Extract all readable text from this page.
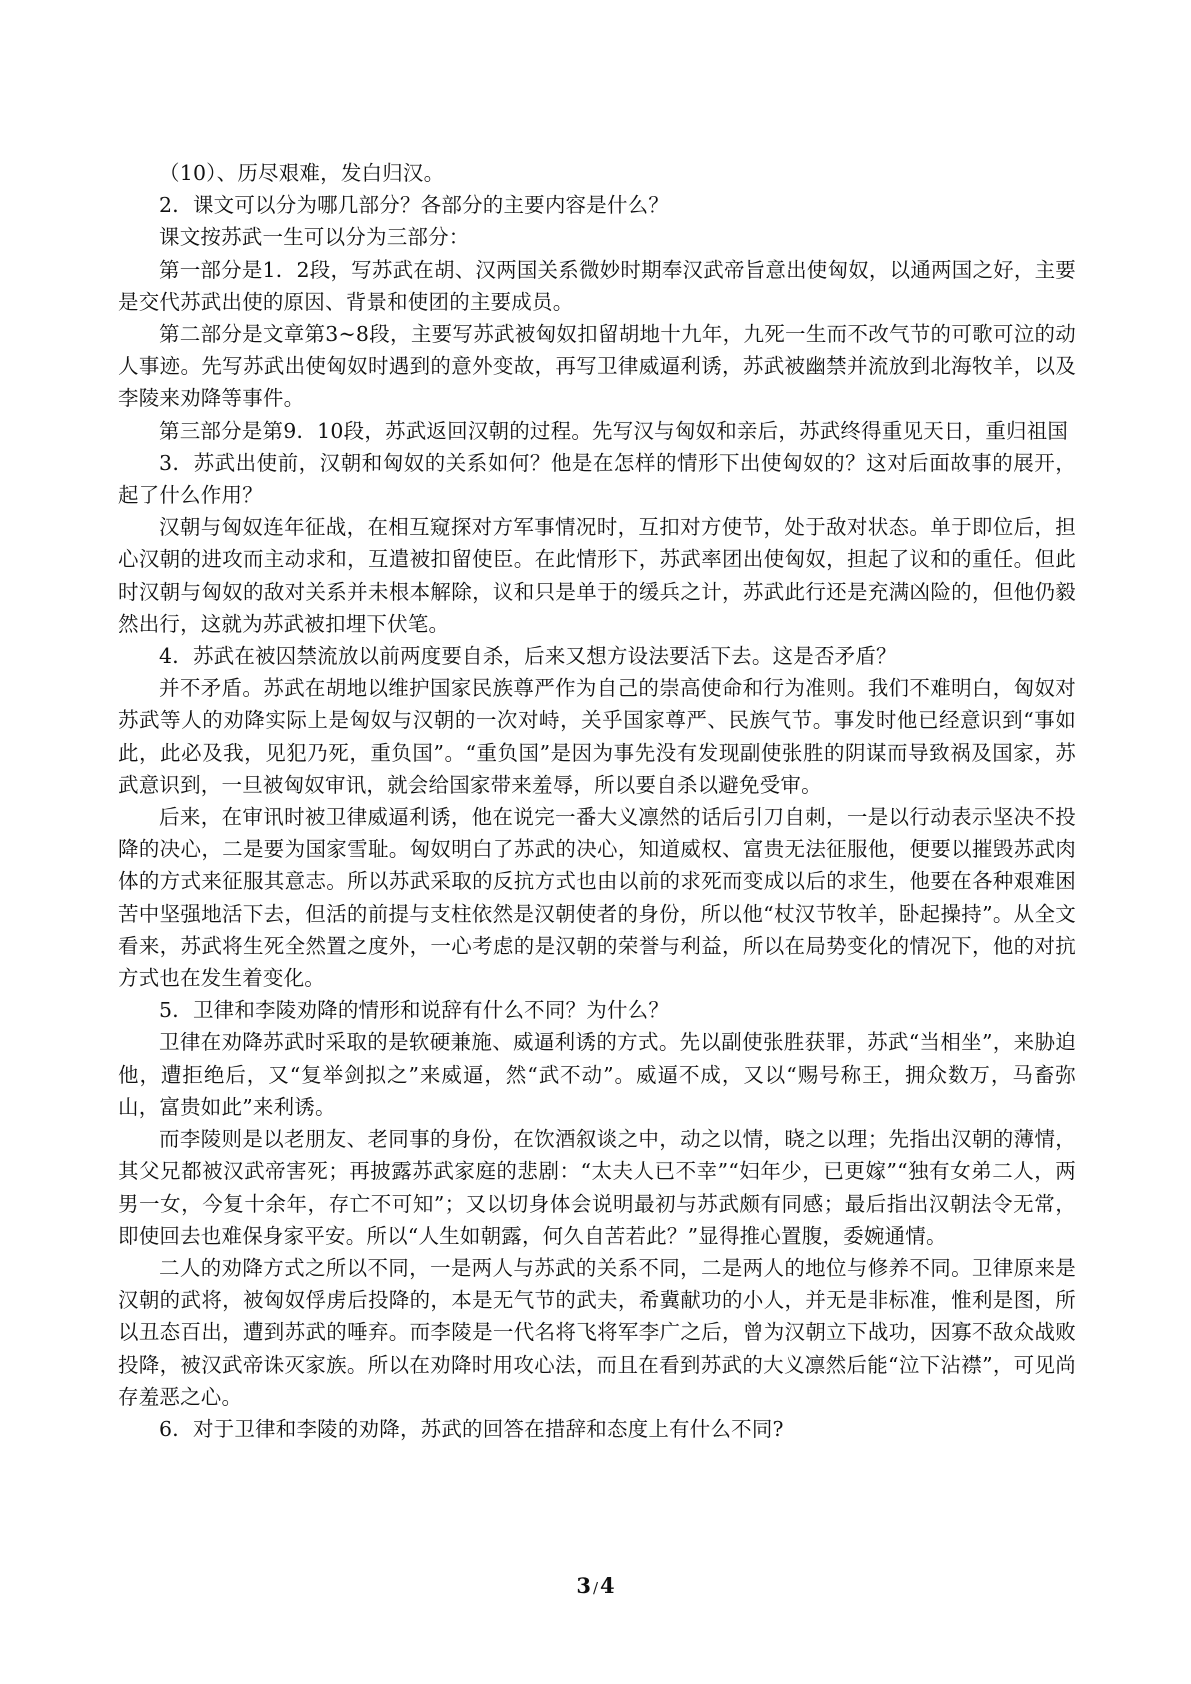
（10）、历尽艰难，发白归汉。

2．课文可以分为哪几部分？各部分的主要内容是什么？

课文按苏武一生可以分为三部分：

第一部分是1．2段，写苏武在胡、汉两国关系微妙时期奉汉武帝旨意出使匈奴，以通两国之好，主要是交代苏武出使的原因、背景和使团的主要成员。

第二部分是文章第3~8段，主要写苏武被匈奴扣留胡地十九年，九死一生而不改气节的可歌可泣的动人事迹。先写苏武出使匈奴时遇到的意外变故，再写卫律威逼利诱，苏武被幽禁并流放到北海牧羊，以及李陵来劝降等事件。

第三部分是第9．10段，苏武返回汉朝的过程。先写汉与匈奴和亲后，苏武终得重见天日，重归祖国

3．苏武出使前，汉朝和匈奴的关系如何？他是在怎样的情形下出使匈奴的？这对后面故事的展开，起了什么作用？

汉朝与匈奴连年征战，在相互窥探对方军事情况时，互扣对方使节，处于敌对状态。单于即位后，担心汉朝的进攻而主动求和，互遣被扣留使臣。在此情形下，苏武率团出使匈奴，担起了议和的重任。但此时汉朝与匈奴的敌对关系并未根本解除，议和只是单于的缓兵之计，苏武此行还是充满凶险的，但他仍毅然出行，这就为苏武被扣埋下伏笔。

4．苏武在被囚禁流放以前两度要自杀，后来又想方设法要活下去。这是否矛盾？

并不矛盾。苏武在胡地以维护国家民族尊严作为自己的崇高使命和行为准则。我们不难明白，匈奴对苏武等人的劝降实际上是匈奴与汉朝的一次对峙，关乎国家尊严、民族气节。事发时他已经意识到“事如此，此必及我，见犯乃死，重负国”。“重负国”是因为事先没有发现副使张胜的阴谋而导致祸及国家，苏武意识到，一旦被匈奴审讯，就会给国家带来羞辱，所以要自杀以避免受审。

后来，在审讯时被卫律威逼利诱，他在说完一番大义凛然的话后引刀自刺，一是以行动表示坚决不投降的决心，二是要为国家雪耻。匈奴明白了苏武的决心，知道威权、富贵无法征服他，便要以摧毁苏武肉体的方式来征服其意志。所以苏武采取的反抗方式也由以前的求死而变成以后的求生，他要在各种艰难困苦中坚强地活下去，但活的前提与支柱依然是汉朝使者的身份，所以他“杖汉节牧羊，卧起操持”。从全文看来，苏武将生死全然置之度外，一心考虑的是汉朝的荣誉与利益，所以在局势变化的情况下，他的对抗方式也在发生着变化。

5．卫律和李陵劝降的情形和说辞有什么不同？为什么？

卫律在劝降苏武时采取的是软硬兼施、威逼利诱的方式。先以副使张胜获罪，苏武“当相坐”，来胁迫他，遭拒绝后，又“复举剑拟之”来威逼，然“武不动”。威逼不成，又以“赐号称王，拥众数万，马畜弥山，富贵如此”来利诱。

而李陵则是以老朋友、老同事的身份，在饮酒叙谈之中，动之以情，晓之以理；先指出汉朝的薄情，其父兄都被汉武帝害死；再披露苏武家庭的悲剧：“太夫人已不幸”“妇年少，已更嫁”“独有女弟二人，两男一女，今复十余年，存亡不可知”；又以切身体会说明最初与苏武颇有同感；最后指出汉朝法令无常，即使回去也难保身家平安。所以“人生如朝露，何久自苦若此？”显得推心置腹，委婉通情。

二人的劝降方式之所以不同，一是两人与苏武的关系不同，二是两人的地位与修养不同。卫律原来是汉朝的武将，被匈奴俘虏后投降的，本是无气节的武夫，希冀献功的小人，并无是非标准，惟利是图，所以丑态百出，遭到苏武的唾弃。而李陵是一代名将飞将军李广之后，曾为汉朝立下战功，因寡不敌众战败投降，被汉武帝诛灭家族。所以在劝降时用攻心法，而且在看到苏武的大义凛然后能“泣下沾襟”，可见尚存羞恶之心。

6．对于卫律和李陵的劝降，苏武的回答在措辞和态度上有什么不同?

3 /4
